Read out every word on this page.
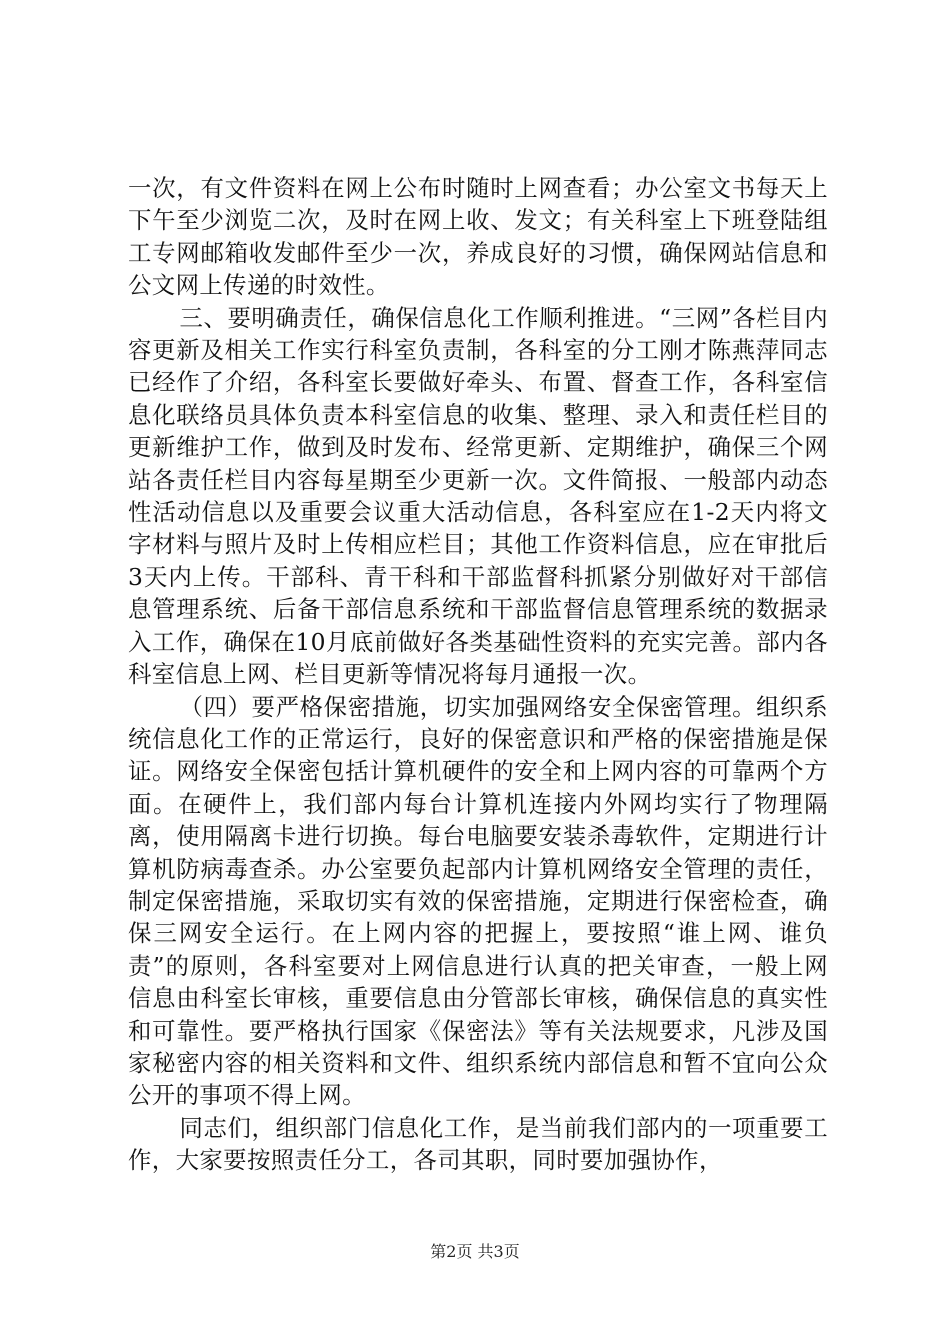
一次，有文件资料在网上公布时随时上网查看；办公室文书每天上下午至少浏览二次，及时在网上收、发文；有关科室上下班登陆组工专网邮箱收发邮件至少一次，养成良好的习惯，确保网站信息和公文网上传递的时效性。

三、要明确责任，确保信息化工作顺利推进。“三网”各栏目内容更新及相关工作实行科室负责制，各科室的分工刚才陈燕萍同志已经作了介绍，各科室长要做好牵头、布置、督查工作，各科室信息化联络员具体负责本科室信息的收集、整理、录入和责任栏目的更新维护工作，做到及时发布、经常更新、定期维护，确保三个网站各责任栏目内容每星期至少更新一次。文件简报、一般部内动态性活动信息以及重要会议重大活动信息，各科室应在1-2天内将文字材料与照片及时上传相应栏目；其他工作资料信息，应在审批后3天内上传。干部科、青干科和干部监督科抓紧分别做好对干部信息管理系统、后备干部信息系统和干部监督信息管理系统的数据录入工作，确保在10月底前做好各类基础性资料的充实完善。部内各科室信息上网、栏目更新等情况将每月通报一次。

（四）要严格保密措施，切实加强网络安全保密管理。组织系统信息化工作的正常运行，良好的保密意识和严格的保密措施是保证。网络安全保密包括计算机硬件的安全和上网内容的可靠两个方面。在硬件上，我们部内每台计算机连接内外网均实行了物理隔离，使用隔离卡进行切换。每台电脑要安装杀毒软件，定期进行计算机防病毒查杀。办公室要负起部内计算机网络安全管理的责任，制定保密措施，采取切实有效的保密措施，定期进行保密检查，确保三网安全运行。在上网内容的把握上，要按照“谁上网、谁负责”的原则，各科室要对上网信息进行认真的把关审查，一般上网信息由科室长审核，重要信息由分管部长审核，确保信息的真实性和可靠性。要严格执行国家《保密法》等有关法规要求，凡涉及国家秘密内容的相关资料和文件、组织系统内部信息和暂不宜向公众公开的事项不得上网。

同志们，组织部门信息化工作，是当前我们部内的一项重要工作，大家要按照责任分工，各司其职，同时要加强协作，

第2页 共3页
